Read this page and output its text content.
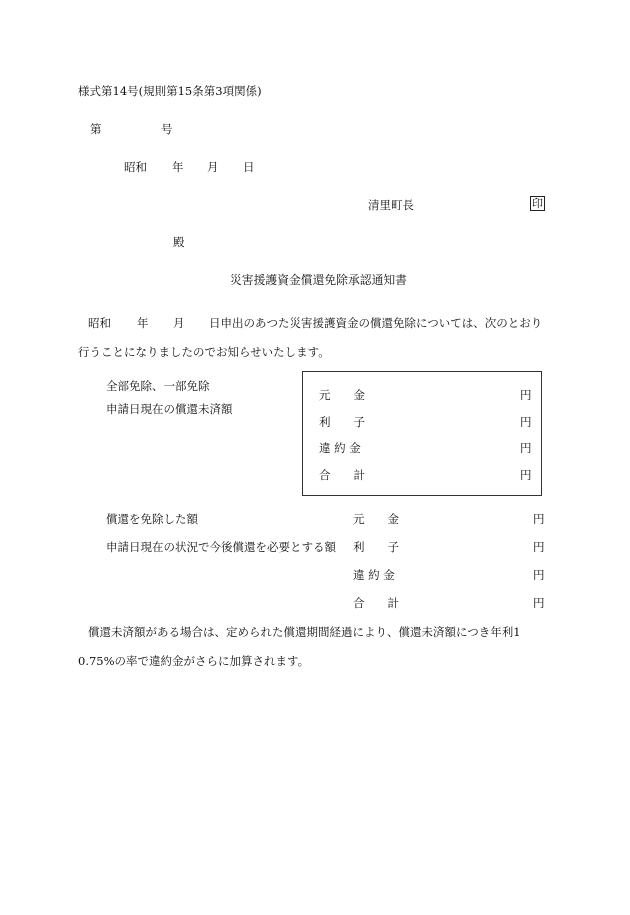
様式第14号(規則第15条第3項関係)
第	号
昭和 年 月 日
清里町長	印
殿
災害援護資金償還免除承認通知書
昭和 年 月 日申出のあつた災害援護資金の償還免除については、次のとおり
行うことになりましたのでお知らせいたします。
全部免除、一部免除
申請日現在の償還未済額
元　　金	円
利　　子	円
違 約 金	円
合　　計	円
償還を免除した額
申請日現在の状況で今後償還を必要とする額
元　　金	円
利　　子	円
違 約 金	円
合　　計	円
償還未済額がある場合は、定められた償還期間経過により、償還未済額につき年利1
0.75%の率で違約金がさらに加算されます。
